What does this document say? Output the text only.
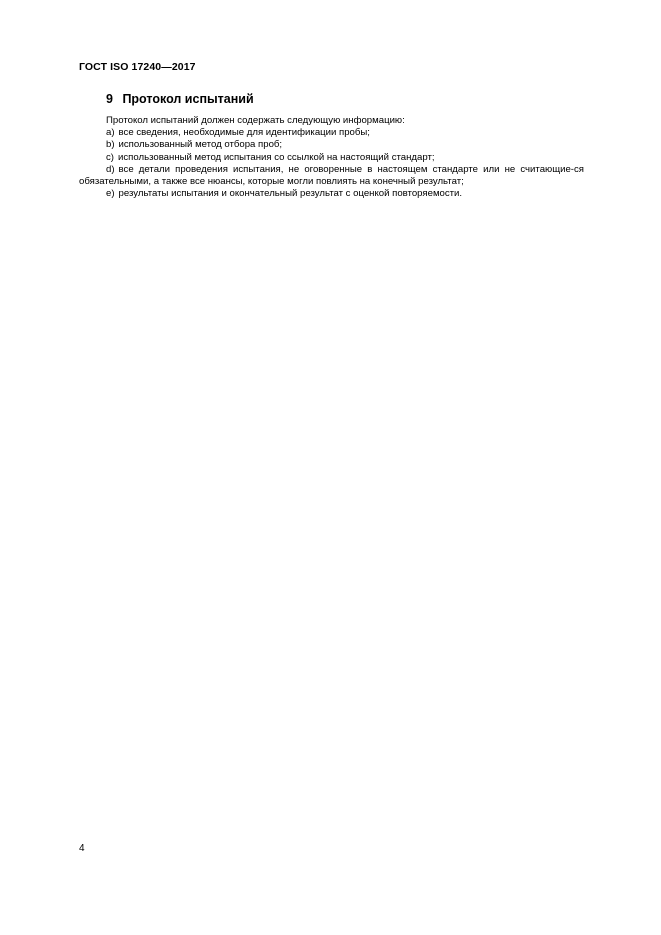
ГОСТ ISO 17240—2017
9 Протокол испытаний

Протокол испытаний должен содержать следующую информацию:

a) все сведения, необходимые для идентификации пробы;

b) использованный метод отбора проб;

c) использованный метод испытания со ссылкой на настоящий стандарт;

d) все детали проведения испытания, не оговоренные в настоящем стандарте или не считающие-ся обязательными, а также все нюансы, которые могли повлиять на конечный результат;

e) результаты испытания и окончательный результат с оценкой повторяемости.

4
